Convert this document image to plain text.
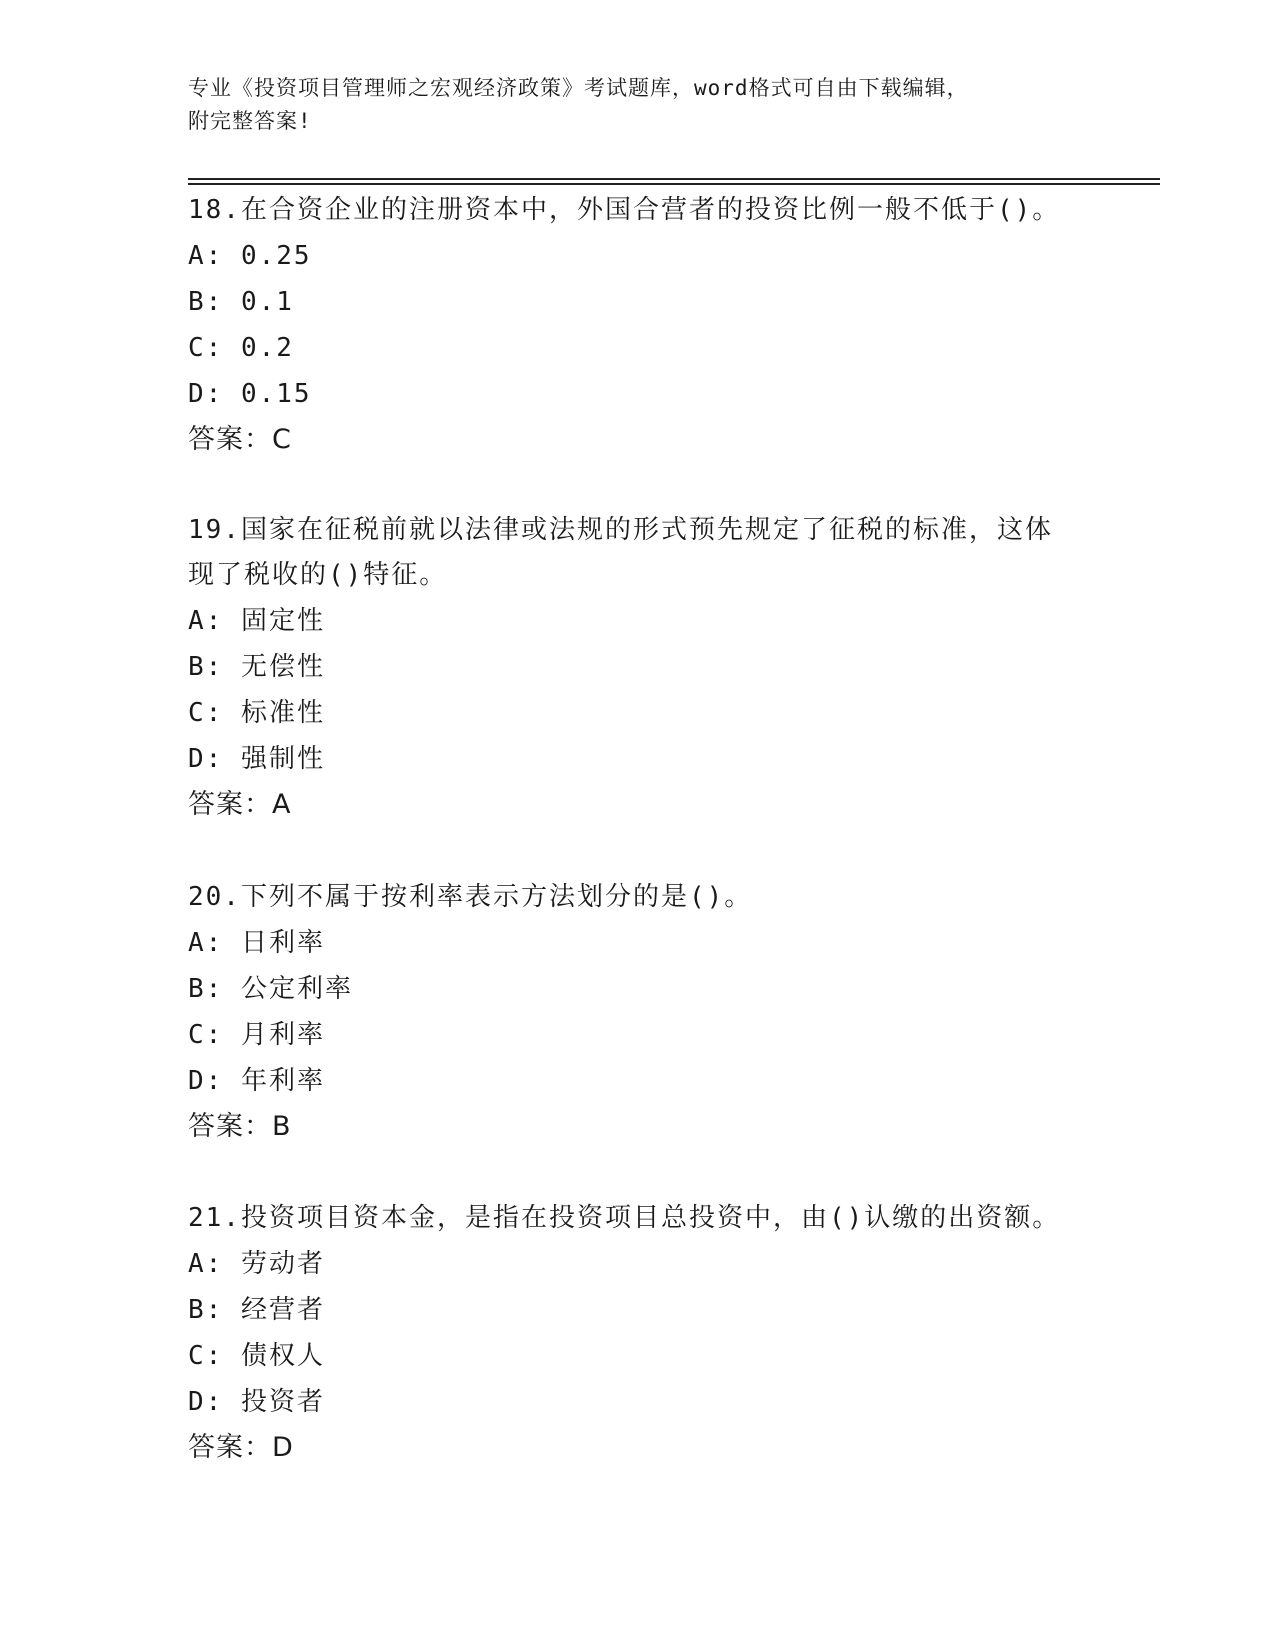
专业《投资项目管理师之宏观经济政策》考试题库，word格式可自由下载编辑，
附完整答案!

18.在合资企业的注册资本中，外国合营者的投资比例一般不低于()。

A: 0.25

B: 0.1

C: 0.2

D: 0.15

答案：C

19.国家在征税前就以法律或法规的形式预先规定了征税的标准，这体

现了税收的()特征。

A: 固定性

B: 无偿性

C: 标准性

D: 强制性

答案：A

20.下列不属于按利率表示方法划分的是()。

A: 日利率

B: 公定利率

C: 月利率

D: 年利率

答案：B

21.投资项目资本金，是指在投资项目总投资中，由()认缴的出资额。

A: 劳动者

B: 经营者

C: 债权人

D: 投资者

答案：D
